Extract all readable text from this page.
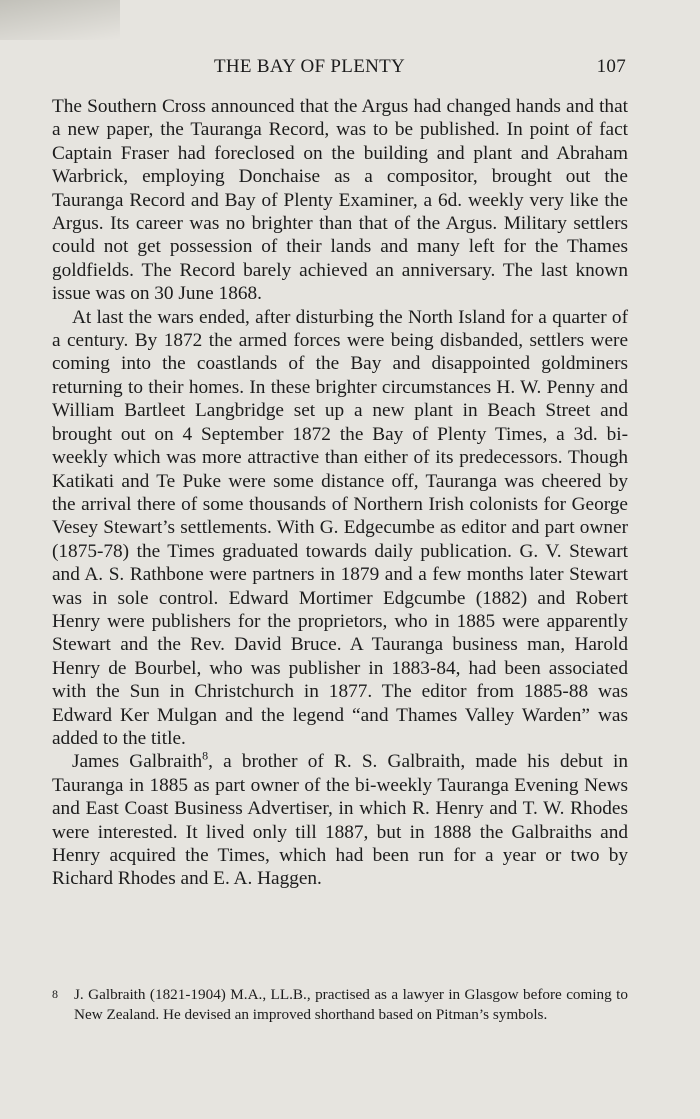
THE BAY OF PLENTY	107

The Southern Cross announced that the Argus had changed hands and that a new paper, the Tauranga Record, was to be published. In point of fact Captain Fraser had foreclosed on the building and plant and Abraham Warbrick, employing Donchaise as a compositor, brought out the Tauranga Record and Bay of Plenty Examiner, a 6d. weekly very like the Argus. Its career was no brighter than that of the Argus. Military settlers could not get possession of their lands and many left for the Thames goldfields. The Record barely achieved an anniversary. The last known issue was on 30 June 1868.

At last the wars ended, after disturbing the North Island for a quarter of a century. By 1872 the armed forces were being disbanded, settlers were coming into the coastlands of the Bay and disappointed goldminers returning to their homes. In these brighter circumstances H. W. Penny and William Bartleet Langbridge set up a new plant in Beach Street and brought out on 4 September 1872 the Bay of Plenty Times, a 3d. bi-weekly which was more attractive than either of its predecessors. Though Katikati and Te Puke were some distance off, Tauranga was cheered by the arrival there of some thousands of Northern Irish colonists for George Vesey Stewart’s settlements. With G. Edgecumbe as editor and part owner (1875-78) the Times graduated towards daily publication. G. V. Stewart and A. S. Rathbone were partners in 1879 and a few months later Stewart was in sole control. Edward Mortimer Edgcumbe (1882) and Robert Henry were publishers for the proprietors, who in 1885 were apparently Stewart and the Rev. David Bruce. A Tauranga business man, Harold Henry de Bourbel, who was publisher in 1883-84, had been associated with the Sun in Christchurch in 1877. The editor from 1885-88 was Edward Ker Mulgan and the legend “and Thames Valley Warden” was added to the title.

James Galbraith$^8$, a brother of R. S. Galbraith, made his debut in Tauranga in 1885 as part owner of the bi-weekly Tauranga Evening News and East Coast Business Advertiser, in which R. Henry and T. W. Rhodes were interested. It lived only till 1887, but in 1888 the Galbraiths and Henry acquired the Times, which had been run for a year or two by Richard Rhodes and E. A. Haggen.

8 J. Galbraith (1821-1904) M.A., LL.B., practised as a lawyer in Glasgow before coming to New Zealand. He devised an improved shorthand based on Pitman’s symbols.
